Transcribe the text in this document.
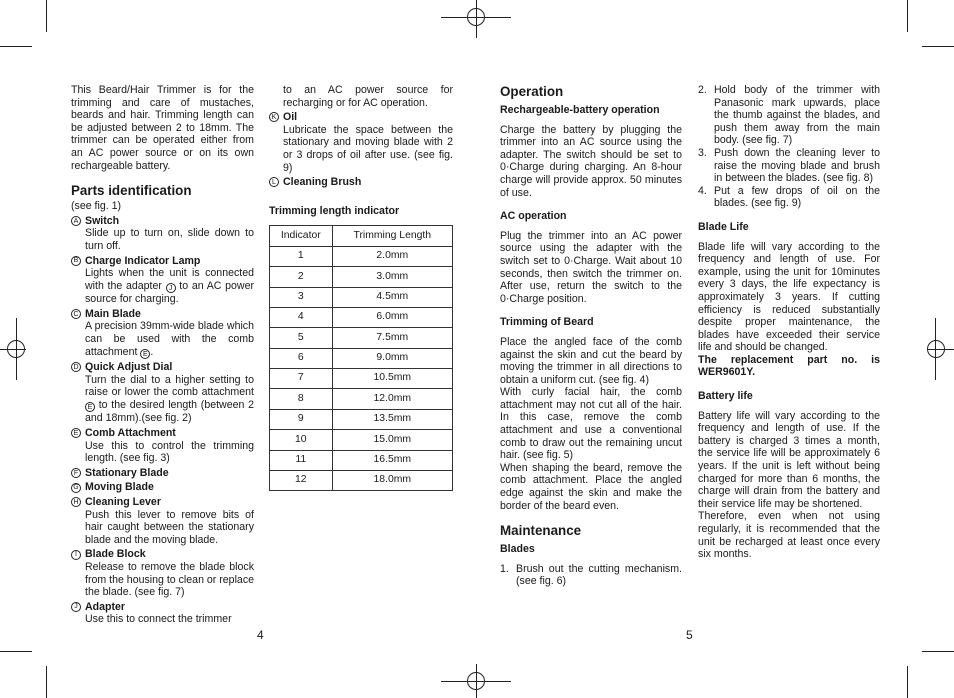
This Beard/Hair Trimmer is for the trimming and care of mustaches, beards and hair. Trimming length can be adjusted between 2 to 18mm. The trimmer can be operated either from an AC power source or on its own rechargeable battery.

Parts identification
(see fig. 1)
A Switch
Slide up to turn on, slide down to turn off.
B Charge Indicator Lamp
Lights when the unit is connected with the adapter J to an AC power source for charging.
C Main Blade
A precision 39mm-wide blade which can be used with the comb attachment E .
D Quick Adjust Dial
Turn the dial to a higher setting to raise or lower the comb attachment E to the desired length (between 2 and 18mm).(see fig. 2)
E Comb Attachment
Use this to control the trimming length. (see fig. 3)
F Stationary Blade
G Moving Blade
H Cleaning Lever
Push this lever to remove bits of hair caught between the stationary blade and the moving blade.
I Blade Block
Release to remove the blade block from the housing to clean or replace the blade. (see fig. 7)
J Adapter
Use this to connect the trimmer
to an AC power source for recharging or for AC operation.
K Oil
Lubricate the space between the stationary and moving blade with 2 or 3 drops of oil after use. (see fig. 9)
L Cleaning Brush
Trimming length indicator
Indicator	Trimming Length
1	2.0mm
2	3.0mm
3	4.5mm
4	6.0mm
5	7.5mm
6	9.0mm
7	10.5mm
8	12.0mm
9	13.5mm
10	15.0mm
11	16.5mm
12	18.0mm
Operation
Rechargeable-battery operation

Charge the battery by plugging the trimmer into an AC source using the adapter. The switch should be set to 0·Charge during charging. An 8-hour charge will provide approx. 50 minutes of use.

AC operation

Plug the trimmer into an AC power source using the adapter with the switch set to 0·Charge. Wait about 10 seconds, then switch the trimmer on. After use, return the switch to the 0·Charge position.

Trimming of Beard

Place the angled face of the comb against the skin and cut the beard by moving the trimmer in all directions to obtain a uniform cut. (see fig. 4)

With curly facial hair, the comb attachment may not cut all of the hair. In this case, remove the comb attachment and use a conventional comb to draw out the remaining uncut hair. (see fig. 5)

When shaping the beard, remove the comb attachment. Place the angled edge against the skin and make the border of the beard even.

Maintenance
Blades
1. Brush out the cutting mechanism. (see fig. 6)
2. Hold body of the trimmer with Panasonic mark upwards, place the thumb against the blades, and push them away from the main body. (see fig. 7)
3. Push down the cleaning lever to raise the moving blade and brush in between the blades. (see fig. 8)
4. Put a few drops of oil on the blades. (see fig. 9)
Blade Life

Blade life will vary according to the frequency and length of use. For example, using the unit for 10minutes every 3 days, the life expectancy is approximately 3 years. If cutting efficiency is reduced substantially despite proper maintenance, the blades have exceeded their service life and should be changed.

The replacement part no. is WER9601Y.

Battery life

Battery life will vary according to the frequency and length of use. If the battery is charged 3 times a month, the service life will be approximately 6 years. If the unit is left without being charged for more than 6 months, the charge will drain from the battery and their service life may be shortened.

Therefore, even when not using regularly, it is recommended that the unit be recharged at least once every six months.

4	5
